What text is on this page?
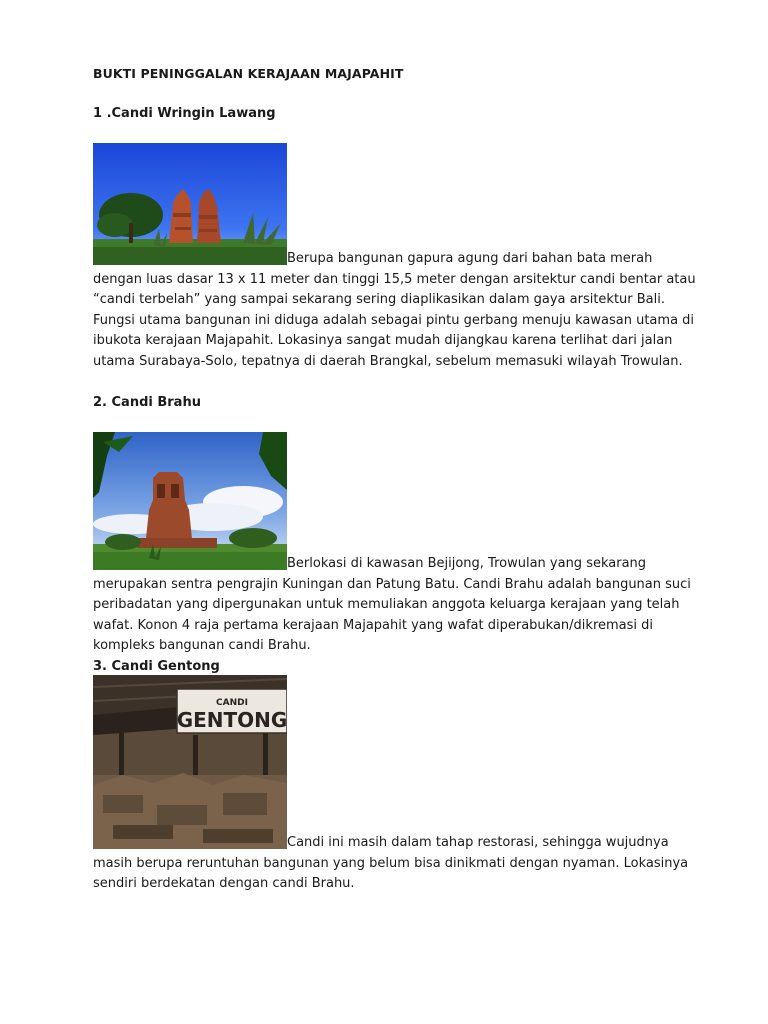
BUKTI PENINGGALAN KERAJAAN MAJAPAHIT
1 .Candi Wringin Lawang
Berupa bangunan gapura agung dari bahan bata merah
dengan luas dasar 13 x 11 meter dan tinggi 15,5 meter dengan arsitektur candi bentar atau
“candi terbelah” yang sampai sekarang sering diaplikasikan dalam gaya arsitektur Bali.
Fungsi utama bangunan ini diduga adalah sebagai pintu gerbang menuju kawasan utama di
ibukota kerajaan Majapahit. Lokasinya sangat mudah dijangkau karena terlihat dari jalan
utama Surabaya-Solo, tepatnya di daerah Brangkal, sebelum memasuki wilayah Trowulan.
2. Candi Brahu
Berlokasi di kawasan Bejijong, Trowulan yang sekarang
merupakan sentra pengrajin Kuningan dan Patung Batu. Candi Brahu adalah bangunan suci
peribadatan yang dipergunakan untuk memuliakan anggota keluarga kerajaan yang telah
wafat. Konon 4 raja pertama kerajaan Majapahit yang wafat diperabukan/dikremasi di
kompleks bangunan candi Brahu.
3. Candi Gentong
CANDI
GENTONG
Candi ini masih dalam tahap restorasi, sehingga wujudnya
masih berupa reruntuhan bangunan yang belum bisa dinikmati dengan nyaman. Lokasinya
sendiri berdekatan dengan candi Brahu.
